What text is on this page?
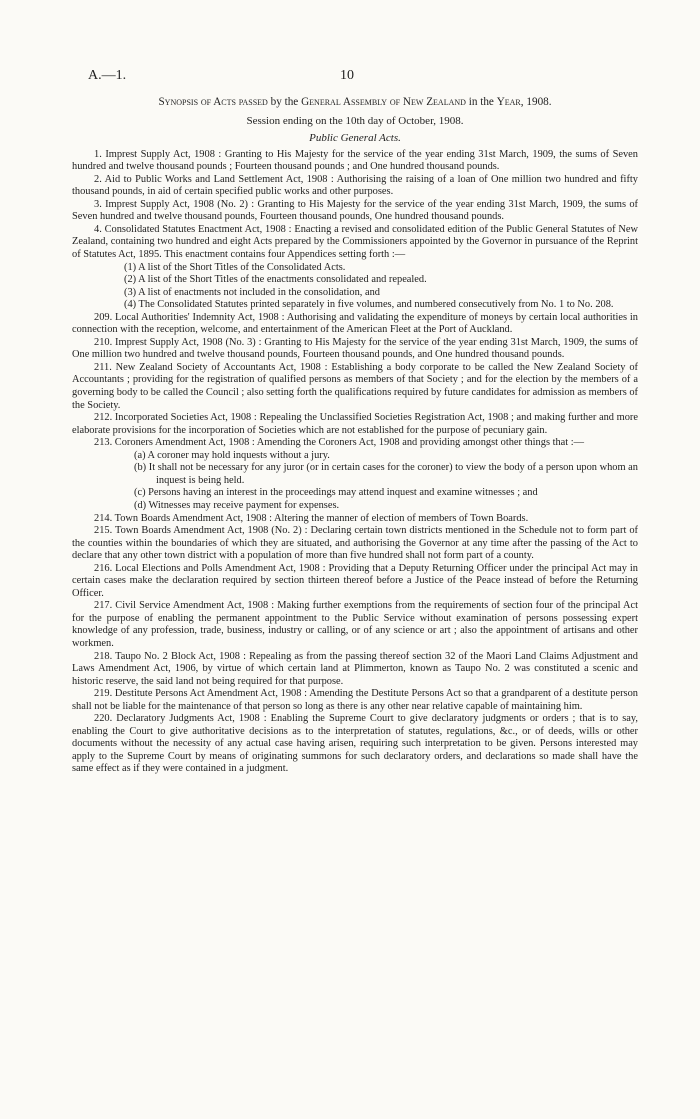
A.—1.	10
Synopsis of Acts passed by the General Assembly of New Zealand in the Year, 1908.
Session ending on the 10th day of October, 1908.
Public General Acts.

1. Imprest Supply Act, 1908 : Granting to His Majesty for the service of the year ending 31st March, 1909, the sums of Seven hundred and twelve thousand pounds ; Fourteen thousand pounds ; and One hundred thousand pounds.

2. Aid to Public Works and Land Settlement Act, 1908 : Authorising the raising of a loan of One million two hundred and fifty thousand pounds, in aid of certain specified public works and other purposes.

3. Imprest Supply Act, 1908 (No. 2) : Granting to His Majesty for the service of the year ending 31st March, 1909, the sums of Seven hundred and twelve thousand pounds, Fourteen thousand pounds, One hundred thousand pounds.

4. Consolidated Statutes Enactment Act, 1908 : Enacting a revised and consolidated edition of the Public General Statutes of New Zealand, containing two hundred and eight Acts prepared by the Commissioners appointed by the Governor in pursuance of the Reprint of Statutes Act, 1895. This enactment contains four Appendices setting forth :—

(1) A list of the Short Titles of the Consolidated Acts.
(2) A list of the Short Titles of the enactments consolidated and repealed.
(3) A list of enactments not included in the consolidation, and
(4) The Consolidated Statutes printed separately in five volumes, and numbered consecutively from No. 1 to No. 208.

209. Local Authorities' Indemnity Act, 1908 : Authorising and validating the expenditure of moneys by certain local authorities in connection with the reception, welcome, and entertainment of the American Fleet at the Port of Auckland.

210. Imprest Supply Act, 1908 (No. 3) : Granting to His Majesty for the service of the year ending 31st March, 1909, the sums of One million two hundred and twelve thousand pounds, Fourteen thousand pounds, and One hundred thousand pounds.

211. New Zealand Society of Accountants Act, 1908 : Establishing a body corporate to be called the New Zealand Society of Accountants ; providing for the registration of qualified persons as members of that Society ; and for the election by the members of a governing body to be called the Council ; also setting forth the qualifications required by future candidates for admission as members of the Society.

212. Incorporated Societies Act, 1908 : Repealing the Unclassified Societies Registration Act, 1908 ; and making further and more elaborate provisions for the incorporation of Societies which are not established for the purpose of pecuniary gain.

213. Coroners Amendment Act, 1908 : Amending the Coroners Act, 1908 and providing amongst other things that :—

(a) A coroner may hold inquests without a jury.
(b) It shall not be necessary for any juror (or in certain cases for the coroner) to view the body of a person upon whom an inquest is being held.
(c) Persons having an interest in the proceedings may attend inquest and examine witnesses ; and
(d) Witnesses may receive payment for expenses.

214. Town Boards Amendment Act, 1908 : Altering the manner of election of members of Town Boards.

215. Town Boards Amendment Act, 1908 (No. 2) : Declaring certain town districts mentioned in the Schedule not to form part of the counties within the boundaries of which they are situated, and authorising the Governor at any time after the passing of the Act to declare that any other town district with a population of more than five hundred shall not form part of a county.

216. Local Elections and Polls Amendment Act, 1908 : Providing that a Deputy Returning Officer under the principal Act may in certain cases make the declaration required by section thirteen thereof before a Justice of the Peace instead of before the Returning Officer.

217. Civil Service Amendment Act, 1908 : Making further exemptions from the requirements of section four of the principal Act for the purpose of enabling the permanent appointment to the Public Service without examination of persons possessing expert knowledge of any profession, trade, business, industry or calling, or of any science or art ; also the appointment of artisans and other workmen.

218. Taupo No. 2 Block Act, 1908 : Repealing as from the passing thereof section 32 of the Maori Land Claims Adjustment and Laws Amendment Act, 1906, by virtue of which certain land at Plimmerton, known as Taupo No. 2 was constituted a scenic and historic reserve, the said land not being required for that purpose.

219. Destitute Persons Act Amendment Act, 1908 : Amending the Destitute Persons Act so that a grandparent of a destitute person shall not be liable for the maintenance of that person so long as there is any other near relative capable of maintaining him.

220. Declaratory Judgments Act, 1908 : Enabling the Supreme Court to give declaratory judgments or orders ; that is to say, enabling the Court to give authoritative decisions as to the interpretation of statutes, regulations, &c., or of deeds, wills or other documents without the necessity of any actual case having arisen, requiring such interpretation to be given. Persons interested may apply to the Supreme Court by means of originating summons for such declaratory orders, and declarations so made shall have the same effect as if they were contained in a judgment.
